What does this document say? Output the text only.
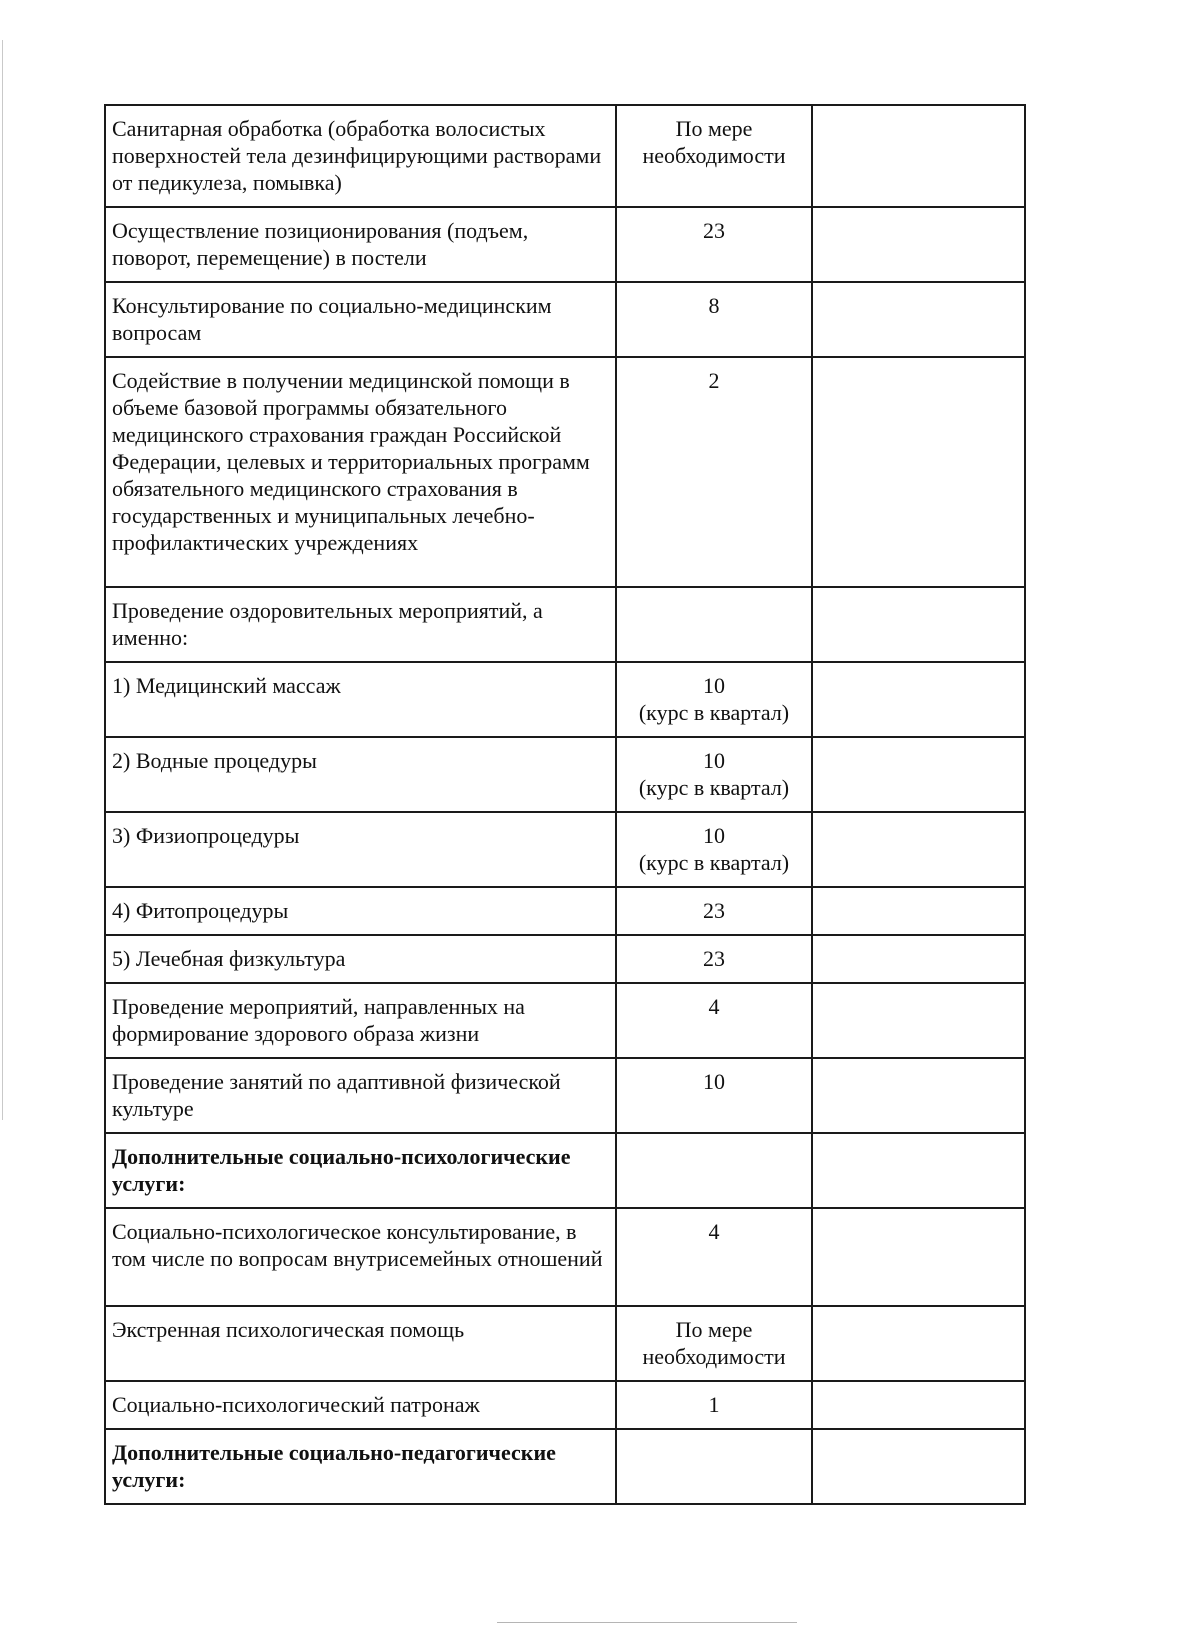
Санитарная обработка (обработка волосистых поверхностей тела дезинфицирующими растворами от педикулеза, помывка)	По мере
необходимости	

Осуществление позиционирования (подъем, поворот, перемещение) в постели	23	

Консультирование по социально-медицинским вопросам	8	

Содействие в получении медицинской помощи в объеме базовой программы обязательного медицинского страхования граждан Российской Федерации, целевых и территориальных программ обязательного медицинского страхования в государственных и муниципальных лечебно-профилактических учреждениях	2	

Проведение оздоровительных мероприятий, а именно:		
1) Медицинский массаж	10
(курс в квартал)	

2) Водные процедуры	10
(курс в квартал)	

3) Физиопроцедуры	10
(курс в квартал)	

4) Фитопроцедуры	23	

5) Лечебная физкультура	23	

Проведение мероприятий, направленных на формирование здорового образа жизни	4	

Проведение занятий по адаптивной физической культуре	10	

Дополнительные социально-психологические услуги:		
Социально-психологическое консультирование, в том числе по вопросам внутрисемейных отношений	4	

Экстренная психологическая помощь	По мере
необходимости	

Социально-психологический патронаж	1	

Дополнительные социально-педагогические услуги:		
